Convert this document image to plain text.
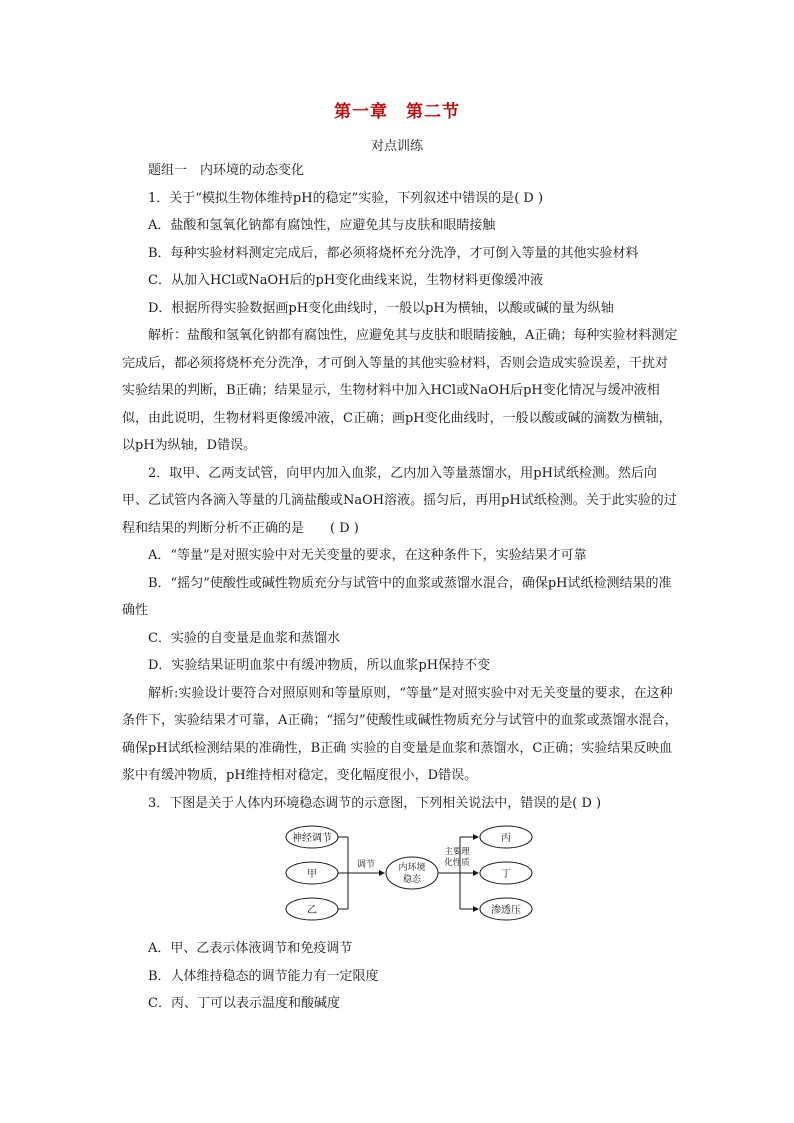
第一章　第二节
对点训练

题组一　内环境的动态变化

1．关于“模拟生物体维持pH的稳定”实验，下列叙述中错误的是( D )

A．盐酸和氢氧化钠都有腐蚀性，应避免其与皮肤和眼睛接触

B．每种实验材料测定完成后，都必须将烧杯充分洗净，才可倒入等量的其他实验材料

C．从加入HCl或NaOH后的pH变化曲线来说，生物材料更像缓冲液

D．根据所得实验数据画pH变化曲线时，一般以pH为横轴，以酸或碱的量为纵轴

解析：盐酸和氢氧化钠都有腐蚀性，应避免其与皮肤和眼睛接触，A正确；每种实验材料测定完成后，都必须将烧杯充分洗净，才可倒入等量的其他实验材料，否则会造成实验误差，干扰对实验结果的判断，B正确；结果显示，生物材料中加入HCl或NaOH后pH变化情况与缓冲液相似，由此说明，生物材料更像缓冲液，C正确；画pH变化曲线时，一般以酸或碱的滴数为横轴，以pH为纵轴，D错误。

2．取甲、乙两支试管，向甲内加入血浆，乙内加入等量蒸馏水，用pH试纸检测。然后向甲、乙试管内各滴入等量的几滴盐酸或NaOH溶液。摇匀后，再用pH试纸检测。关于此实验的过程和结果的判断分析不正确的是　　( D )

A．“等量”是对照实验中对无关变量的要求，在这种条件下，实验结果才可靠

B．“摇匀”使酸性或碱性物质充分与试管中的血浆或蒸馏水混合，确保pH试纸检测结果的准确性

C．实验的自变量是血浆和蒸馏水

D．实验结果证明血浆中有缓冲物质，所以血浆pH保持不变

解析:实验设计要符合对照原则和等量原则，“等量”是对照实验中对无关变量的要求，在这种条件下，实验结果才可靠，A正确；“摇匀”使酸性或碱性物质充分与试管中的血浆或蒸馏水混合，确保pH试纸检测结果的准确性，B正确 实验的自变量是血浆和蒸馏水，C正确；实验结果反映血浆中有缓冲物质，pH维持相对稳定，变化幅度很小，D错误。

3．下图是关于人体内环境稳态调节的示意图，下列相关说法中，错误的是( D )

神经调节
甲
乙
调节	内环境
稳态
主要理
化性质
丙
丁
渗透压

A．甲、乙表示体液调节和免疫调节

B．人体维持稳态的调节能力有一定限度

C．丙、丁可以表示温度和酸碱度
